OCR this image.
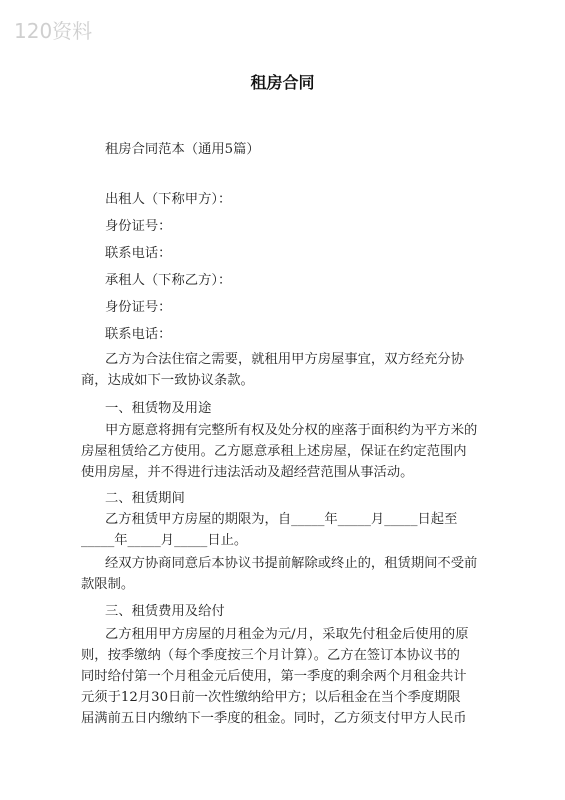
120资料
租房合同
租房合同范本（通用5篇）
出租人（下称甲方）：
身份证号：
联系电话：
承租人（下称乙方）：
身份证号：
联系电话：
乙方为合法住宿之需要，就租用甲方房屋事宜，双方经充分协
商，达成如下一致协议条款。
一、租赁物及用途
甲方愿意将拥有完整所有权及处分权的座落于面积约为平方米的
房屋租赁给乙方使用。乙方愿意承租上述房屋，保证在约定范围内
使用房屋，并不得进行违法活动及超经营范围从事活动。
二、租赁期间
乙方租赁甲方房屋的期限为，自_____年_____月_____日起至
_____年_____月_____日止。
经双方协商同意后本协议书提前解除或终止的，租赁期间不受前
款限制。
三、租赁费用及给付
乙方租用甲方房屋的月租金为元/月，采取先付租金后使用的原
则，按季缴纳（每个季度按三个月计算）。乙方在签订本协议书的
同时给付第一个月租金元后使用，第一季度的剩余两个月租金共计
元须于12月30日前一次性缴纳给甲方；以后租金在当个季度期限
届满前五日内缴纳下一季度的租金。同时，乙方须支付甲方人民币
